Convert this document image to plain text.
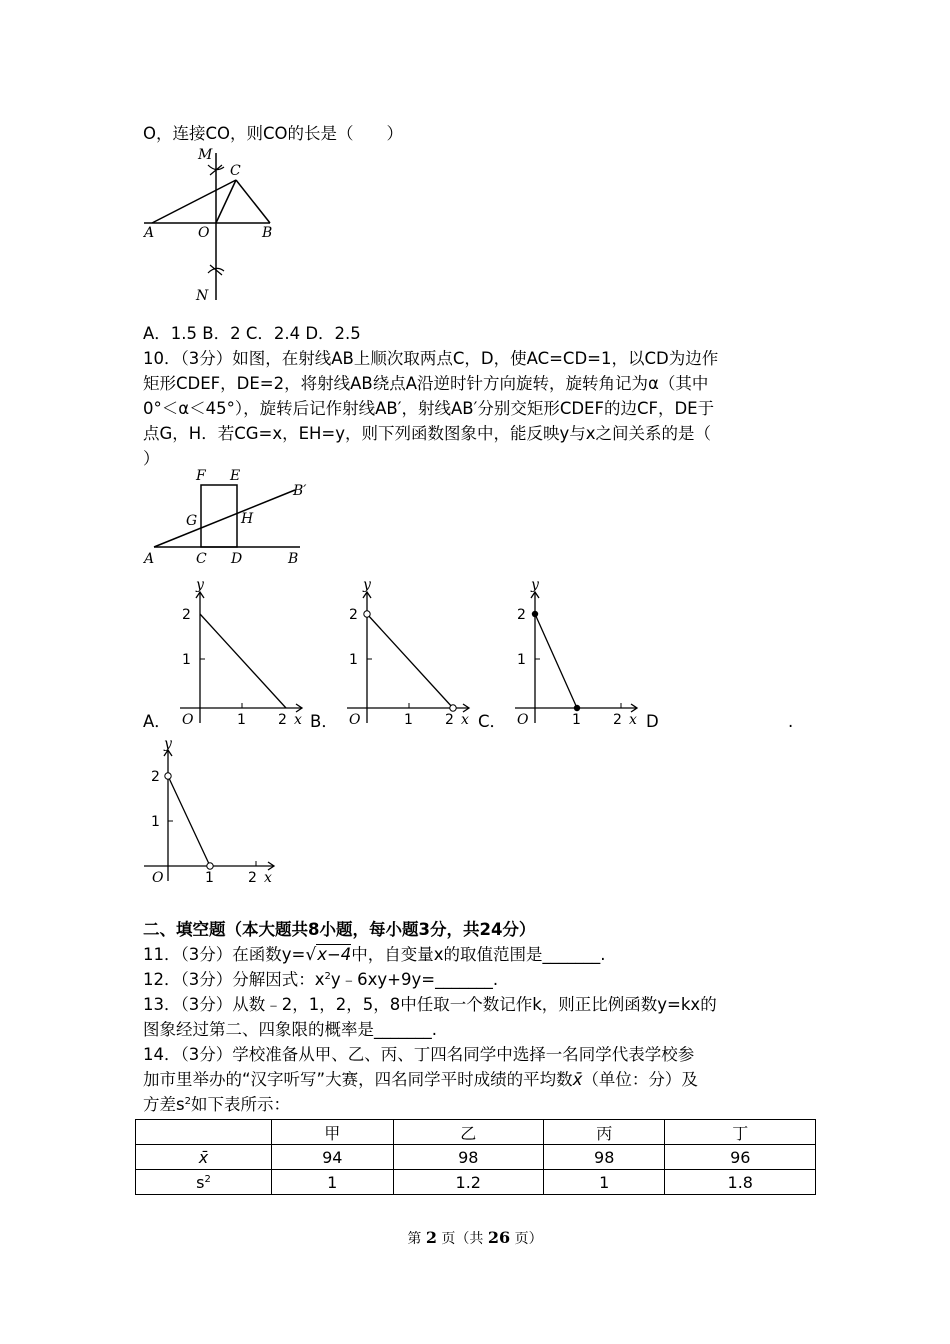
O，连接CO，则CO的长是（　　）
M
C
A	O	B
N
A．1.5 B．2 C．2.4 D．2.5
10．（3分）如图，在射线AB上顺次取两点C，D，使AC=CD=1，以CD为边作
矩形CDEF，DE=2，将射线AB绕点A沿逆时针方向旋转，旋转角记为α（其中
0°＜α＜45°），旋转后记作射线AB′，射线AB′分别交矩形CDEF的边CF，DE于
点G，H．若CG=x，EH=y，则下列函数图象中，能反映y与x之间关系的是（
）
F E
B′
G	H
A	C D	B
A．	B．	C．	D	.
y
2
1
O	1 2 x
y
2
1
O	1 2 x
y
2
1
O	1 2 x
y
2
1
O	1 2 x
二、填空题（本大题共8小题，每小题3分，共24分）
11．（3分）在函数y=√x−4中，自变量x的取值范围是_______.
12．（3分）分解因式：$x^2y﹣6xy+9y=\_\_\_\_\_\_\_$.
13．（3分）从数﹣2，1，2，5，8中任取一个数记作k，则正比例函数y=kx的
图象经过第二、四象限的概率是_______.
14．（3分）学校准备从甲、乙、丙、丁四名同学中选择一名同学代表学校参
加市里举办的“汉字听写”大赛，四名同学平时成绩的平均数x̄（单位：分）及
方差$s^2$如下表所示：
	甲	乙	丙	丁
x̄	94	98	98	96
$s^2$	1	1.2	1	1.8
第 2 页（共 26 页）
